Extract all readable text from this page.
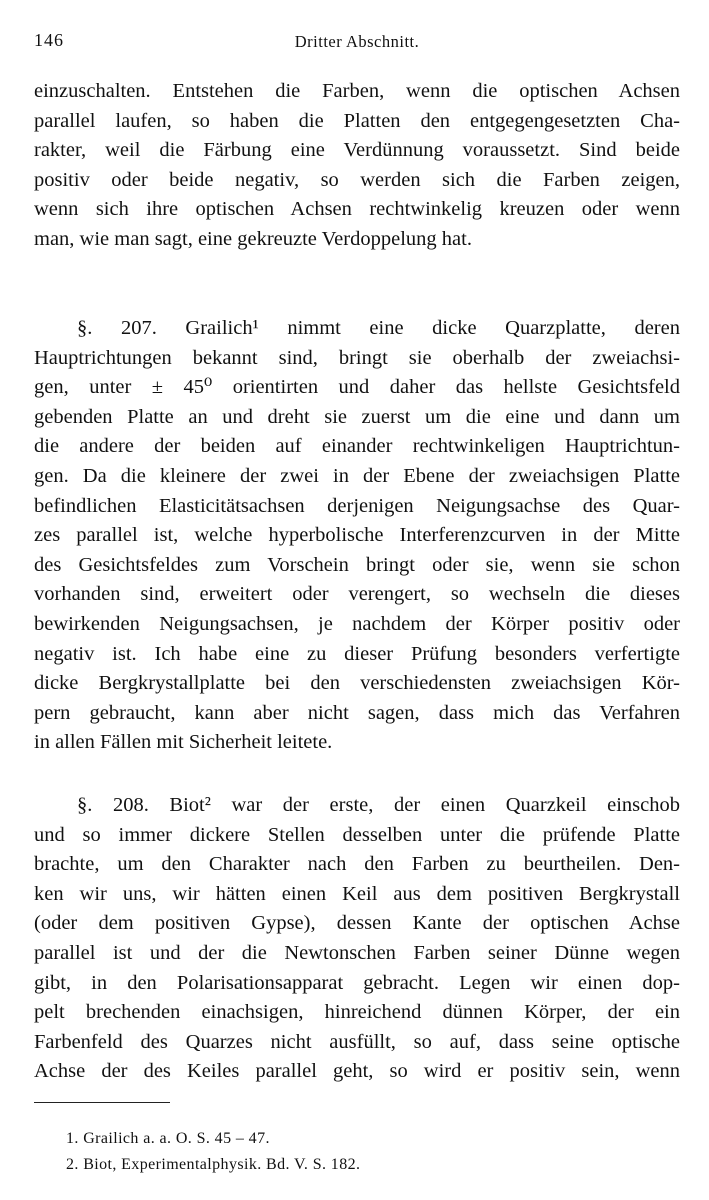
146	Dritter Abschnitt.
einzuschalten. Entstehen die Farben, wenn die optischen Achsen
parallel laufen, so haben die Platten den entgegengesetzten Cha-
rakter, weil die Färbung eine Verdünnung voraussetzt. Sind beide
positiv oder beide negativ, so werden sich die Farben zeigen,
wenn sich ihre optischen Achsen rechtwinkelig kreuzen oder wenn
man, wie man sagt, eine gekreuzte Verdoppelung hat.
§. 207. Grailich¹ nimmt eine dicke Quarzplatte, deren
Hauptrichtungen bekannt sind, bringt sie oberhalb der zweiachsi-
gen, unter ± 45⁰ orientirten und daher das hellste Gesichtsfeld
gebenden Platte an und dreht sie zuerst um die eine und dann um
die andere der beiden auf einander rechtwinkeligen Hauptrichtun-
gen. Da die kleinere der zwei in der Ebene der zweiachsigen Platte
befindlichen Elasticitätsachsen derjenigen Neigungsachse des Quar-
zes parallel ist, welche hyperbolische Interferenzcurven in der Mitte
des Gesichtsfeldes zum Vorschein bringt oder sie, wenn sie schon
vorhanden sind, erweitert oder verengert, so wechseln die dieses
bewirkenden Neigungsachsen, je nachdem der Körper positiv oder
negativ ist. Ich habe eine zu dieser Prüfung besonders verfertigte
dicke Bergkrystallplatte bei den verschiedensten zweiachsigen Kör-
pern gebraucht, kann aber nicht sagen, dass mich das Verfahren
in allen Fällen mit Sicherheit leitete.
§. 208. Biot² war der erste, der einen Quarzkeil einschob
und so immer dickere Stellen desselben unter die prüfende Platte
brachte, um den Charakter nach den Farben zu beurtheilen. Den-
ken wir uns, wir hätten einen Keil aus dem positiven Bergkrystall
(oder dem positiven Gypse), dessen Kante der optischen Achse
parallel ist und der die Newtonschen Farben seiner Dünne wegen
gibt, in den Polarisationsapparat gebracht. Legen wir einen dop-
pelt brechenden einachsigen, hinreichend dünnen Körper, der ein
Farbenfeld des Quarzes nicht ausfüllt, so auf, dass seine optische
Achse der des Keiles parallel geht, so wird er positiv sein, wenn
1. Grailich a. a. O. S. 45 – 47.
2. Biot, Experimentalphysik. Bd. V. S. 182.
